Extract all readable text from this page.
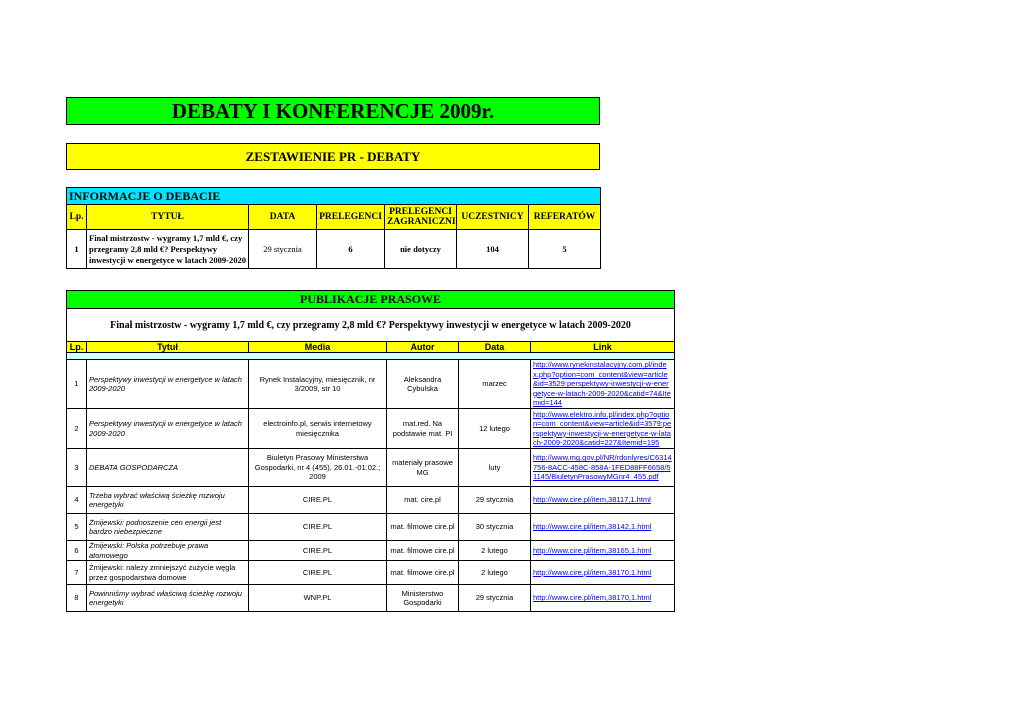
DEBATY I KONFERENCJE 2009r.
ZESTAWIENIE PR - DEBATY
INFORMACJE O DEBACIE						
Lp.	TYTUŁ	DATA	PRELEGENCI	PRELEGENCI ZAGRANICZNI	UCZESTNICY	REFERATÓW
1	Finał mistrzostw - wygramy 1,7 mld €, czy przegramy 2,8 mld €? Perspektywy inwestycji w energetyce w latach 2009-2020	29 stycznia	6	nie dotyczy	104	5
PUBLIKACJE PRASOWE					
Finał mistrzostw - wygramy 1,7 mld €, czy przegramy 2,8 mld €? Perspektywy inwestycji w energetyce w latach 2009-2020					
Lp.	Tytuł	Media	Autor	Data	Link

1	Perspektywy inwestycji w energetyce w latach 2009-2020	Rynek Instalacyjny, miesięcznik, nr 3/2009, str 10	Aleksandra Cybulska	marzec	http://www.rynekinstalacyjny.com.pl/index.php?option=com_content&view=article&id=3529:perspektywy-inwestycji-w-energetyce-w-latach-2009-2020&catid=74&Itemid=144
2	Perspektywy inwestycji w energetyce w latach 2009-2020	electroinfo.pl, serwis internetowy miesięcznika	mat.red. Na podstawie mat. PI	12 lutego	http://www.elektro.info.pl/index.php?option=com_content&view=article&id=3579:perspektywy-inwestycji-w-energetyce-w-latach-2009-2020&catid=227&Itemid=195
3	DEBATA GOSPODARCZA	Biuletyn Prasowy Ministerstwa Gospodarki, nr 4 (455), 26.01.-01.02.; 2009	materiały prasowe MG	luty	http://www.mg.gov.pl/NR/rdonlyres/C6314756-8ACC-458C-858A-1FED88FF6658/51145/BiuletynPrasowyMGnr4_455.pdf
4	Trzeba wybrać właściwą ścieżkę rozwoju energetyki	CIRE.PL	mat. cire.pl	29 stycznia	http://www.cire.pl/item,38117,1.html
5	Żmijewski: podnoszenie cen energii jest bardzo niebezpieczne	CIRE.PL	mat. filmowe cire.pl	30 stycznia	http://www.cire.pl/item,38142,1.html
6	Żmijewski: Polska potrzebuje prawa atomowego	CIRE.PL	mat. filmowe cire.pl	2 lutego	http://www.cire.pl/item,38165,1.html
7	Żmijewski: należy zmniejszyć zużycie węgla przez gospodarstwa domowe	CIRE.PL	mat. filmowe cire.pl	2 lutego	http://www.cire.pl/item,38170,1.html
8	Powinniśmy wybrać właściwą ścieżkę rozwoju energetyki	WNP.PL	Ministerstwo Gospodarki	29 stycznia	http://www.cire.pl/item,38170,1.html
